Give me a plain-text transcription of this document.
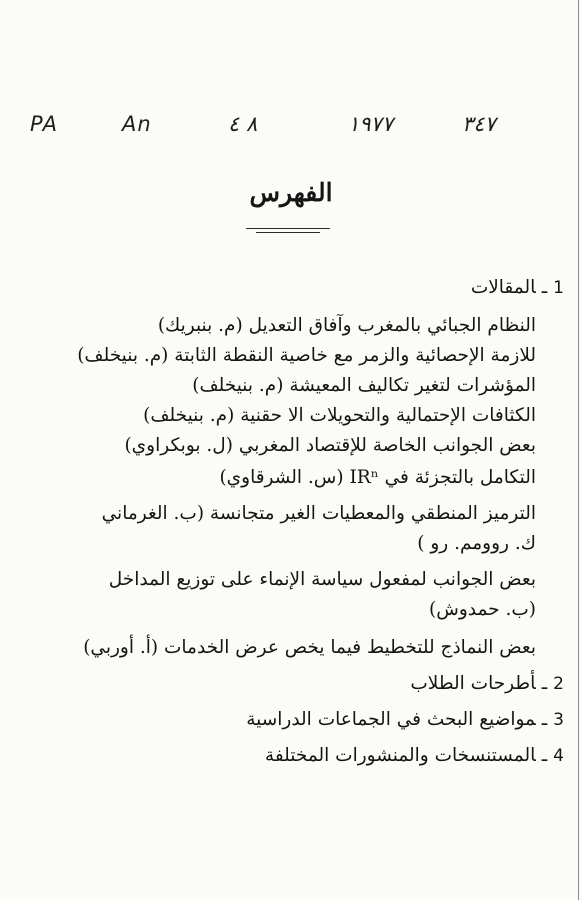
PA	An	٨ ٤	١٩٧٧	٣٤٧
الفهرس
1ـالمقالات
النظام الجبائي بالمغرب وآفاق التعديل (م. بنبريك)
للازمة الإحصائية والزمر مع خاصية النقطة الثابتة (م. بنيخلف)
المؤشرات لتغير تكاليف المعيشة (م. بنيخلف)
الكثافات الإحتمالية والتحويلات الا حقنية (م. بنيخلف)
بعض الجوانب الخاصة للإقتصاد المغربي (ل. بوبكراوي)
التكامل بالتجزئة في IRⁿ (س. الشرقاوي)
الترميز المنطقي والمعطيات الغير متجانسة (ب. الغرماني
ك. روومم. رو )
بعض الجوانب لمفعول سياسة الإنماء على توزيع المداخل
(ب. حمدوش)
بعض النماذج للتخطيط فيما يخص عرض الخدمات (أ. أوربي)
2ـأطرحات الطلاب
3ـمواضيع البحث في الجماعات الدراسية
4ـالمستنسخات والمنشورات المختلفة
